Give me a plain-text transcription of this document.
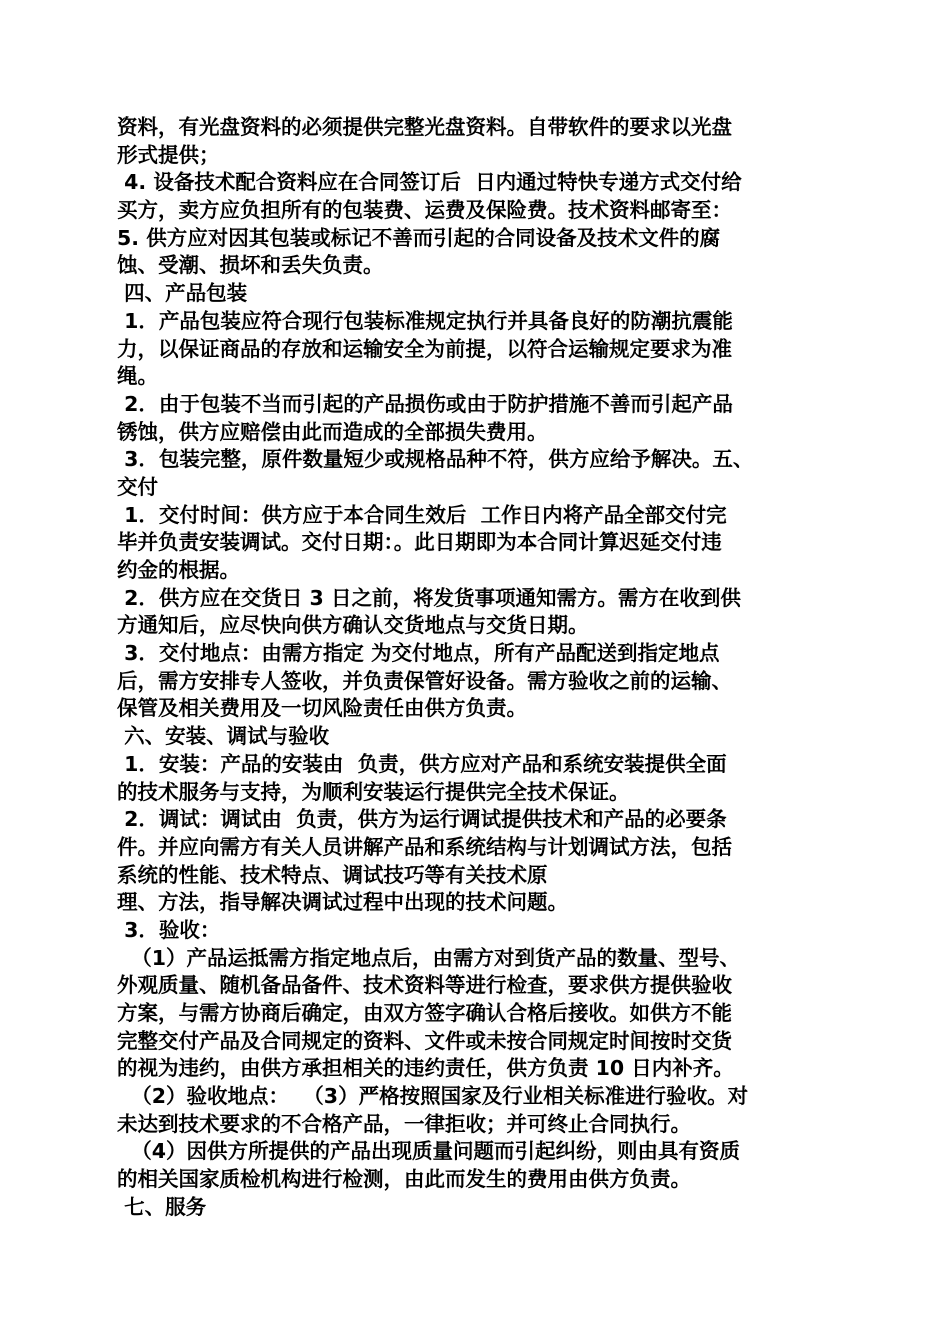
资料，有光盘资料的必须提供完整光盘资料。自带软件的要求以光盘
形式提供；
4. 设备技术配合资料应在合同签订后  日内通过特快专递方式交付给
买方，卖方应负担所有的包装费、运费及保险费。技术资料邮寄至：
5. 供方应对因其包装或标记不善而引起的合同设备及技术文件的腐
蚀、受潮、损坏和丢失负责。
四、产品包装
1．产品包装应符合现行包装标准规定执行并具备良好的防潮抗震能
力，以保证商品的存放和运输安全为前提，以符合运输规定要求为准
绳。
2．由于包装不当而引起的产品损伤或由于防护措施不善而引起产品
锈蚀，供方应赔偿由此而造成的全部损失费用。
3．包装完整，原件数量短少或规格品种不符，供方应给予解决。五、
交付
1．交付时间：供方应于本合同生效后  工作日内将产品全部交付完
毕并负责安装调试。交付日期：。此日期即为本合同计算迟延交付违
约金的根据。
2．供方应在交货日 3 日之前，将发货事项通知需方。需方在收到供
方通知后，应尽快向供方确认交货地点与交货日期。
3．交付地点：由需方指定 为交付地点，所有产品配送到指定地点
后，需方安排专人签收，并负责保管好设备。需方验收之前的运输、
保管及相关费用及一切风险责任由供方负责。
六、安装、调试与验收
1．安装：产品的安装由  负责，供方应对产品和系统安装提供全面
的技术服务与支持，为顺利安装运行提供完全技术保证。
2．调试：调试由  负责，供方为运行调试提供技术和产品的必要条
件。并应向需方有关人员讲解产品和系统结构与计划调试方法，包括
系统的性能、技术特点、调试技巧等有关技术原
理、方法，指导解决调试过程中出现的技术问题。
3．验收：
（1）产品运抵需方指定地点后，由需方对到货产品的数量、型号、
外观质量、随机备品备件、技术资料等进行检查，要求供方提供验收
方案，与需方协商后确定，由双方签字确认合格后接收。如供方不能
完整交付产品及合同规定的资料、文件或未按合同规定时间按时交货
的视为违约，由供方承担相关的违约责任，供方负责 10 日内补齐。
（2）验收地点：  （3）严格按照国家及行业相关标准进行验收。对
未达到技术要求的不合格产品，一律拒收；并可终止合同执行。
（4）因供方所提供的产品出现质量问题而引起纠纷，则由具有资质
的相关国家质检机构进行检测，由此而发生的费用由供方负责。
七、服务
